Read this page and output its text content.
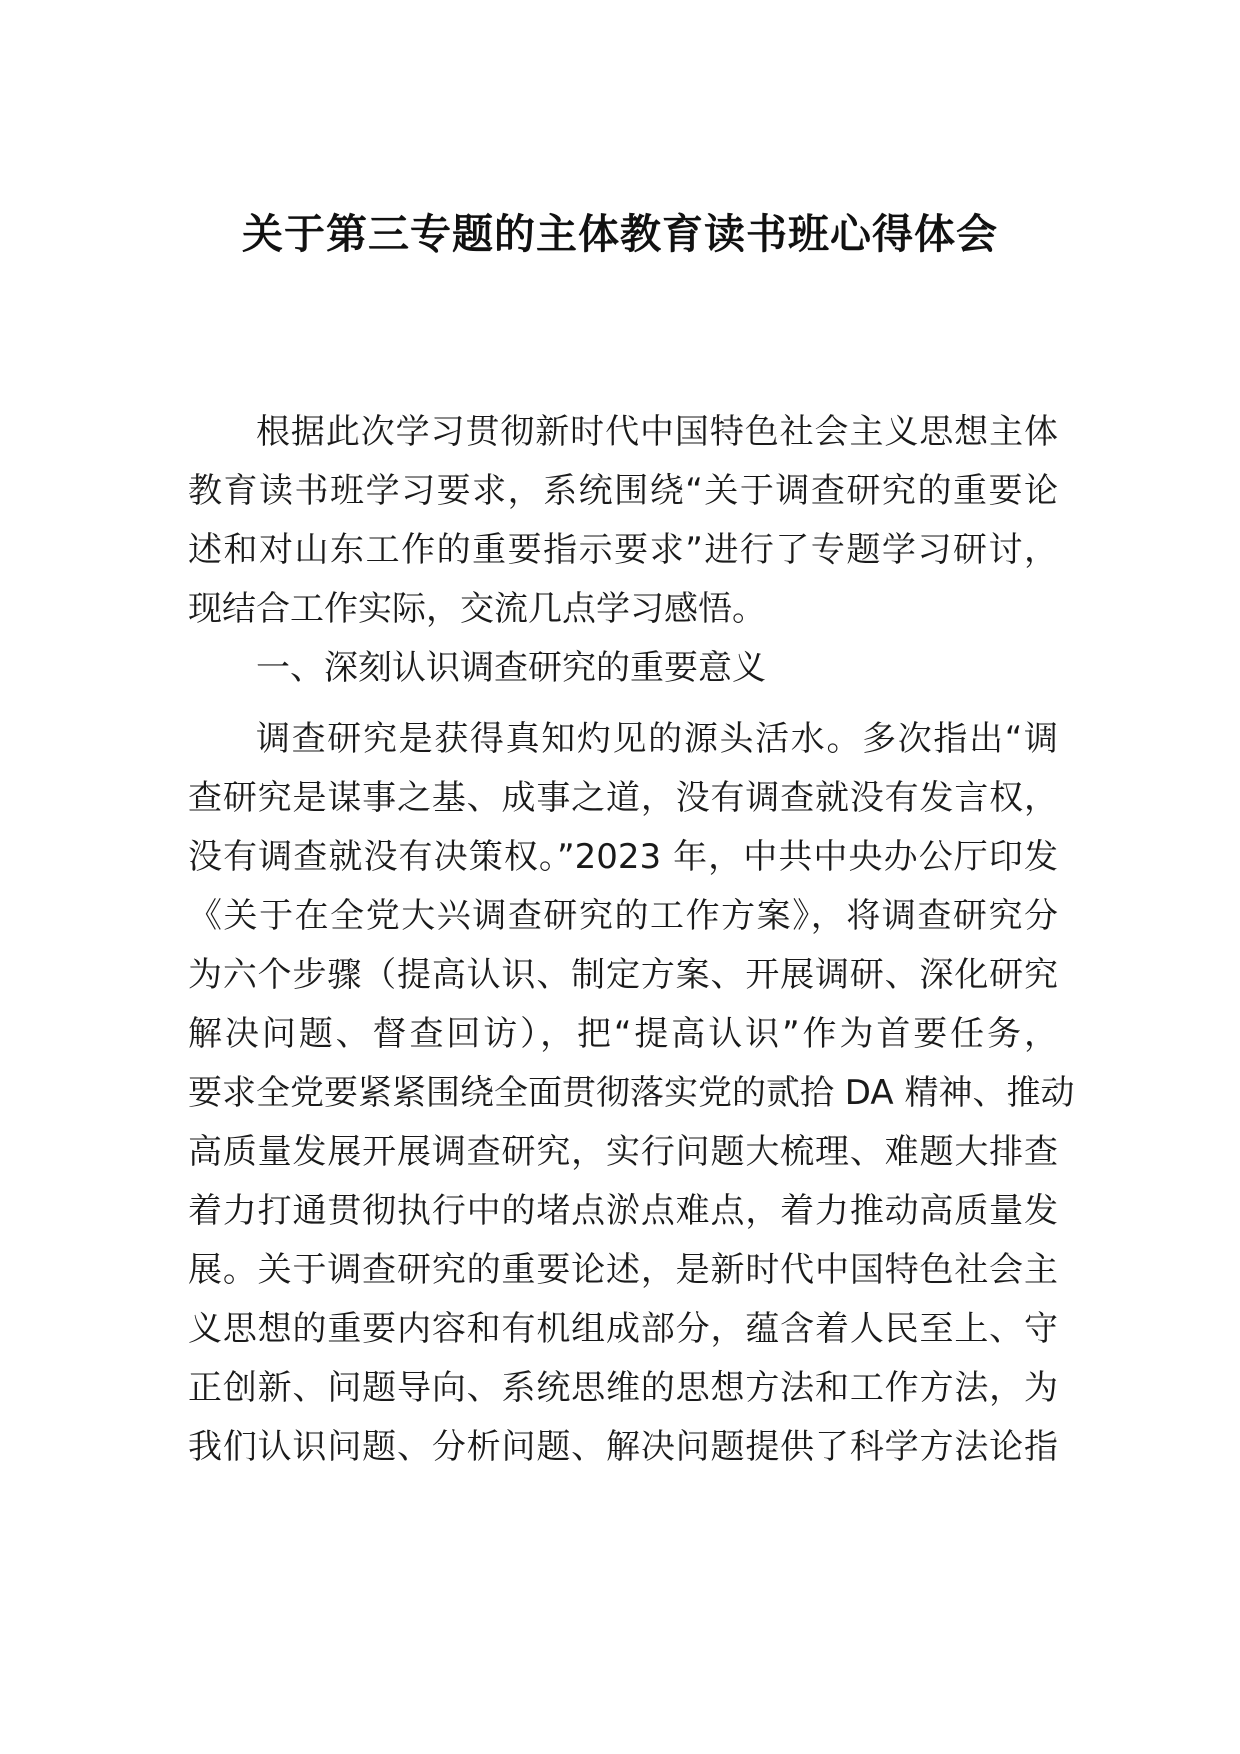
关于第三专题的主体教育读书班心得体会
根据此次学习贯彻新时代中国特色社会主义思想主体
教育读书班学习要求，系统围绕“关于调查研究的重要论
述和对山东工作的重要指示要求”进行了专题学习研讨，
现结合工作实际，交流几点学习感悟。
一、深刻认识调查研究的重要意义
调查研究是获得真知灼见的源头活水。多次指出“调
查研究是谋事之基、成事之道，没有调查就没有发言权，
没有调查就没有决策权。”2023 年，中共中央办公厅印发
《关于在全党大兴调查研究的工作方案》，将调查研究分
为六个步骤（提高认识、制定方案、开展调研、深化研究
解决问题、督查回访），把“提高认识”作为首要任务，
要求全党要紧紧围绕全面贯彻落实党的贰拾 DA 精神、推动
高质量发展开展调查研究，实行问题大梳理、难题大排查
着力打通贯彻执行中的堵点淤点难点，着力推动高质量发
展。关于调查研究的重要论述，是新时代中国特色社会主
义思想的重要内容和有机组成部分，蕴含着人民至上、守
正创新、问题导向、系统思维的思想方法和工作方法，为
我们认识问题、分析问题、解决问题提供了科学方法论指
